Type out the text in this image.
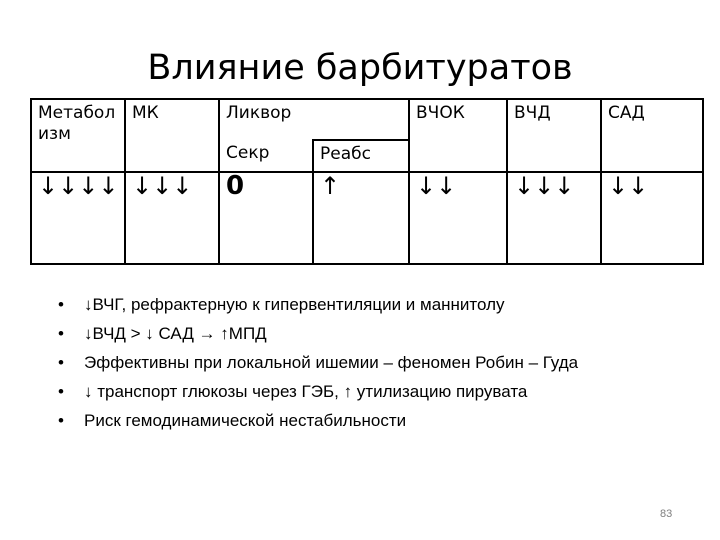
Влияние барбитуратов
Метабол изм	МК	Ликвор		ВЧОК	ВЧД	САД
		Секр	Реабс			
↓↓↓↓	↓↓↓	0	↑	↓↓	↓↓↓	↓↓
• ↓ВЧГ, рефрактерную к гипервентиляции и маннитолу
• ↓ВЧД > ↓ САД → ↑МПД
• Эффективны при локальной ишемии – феномен Робин – Гуда
• ↓ транспорт глюкозы через ГЭБ, ↑ утилизацию пирувата
• Риск гемодинамической нестабильности
83
